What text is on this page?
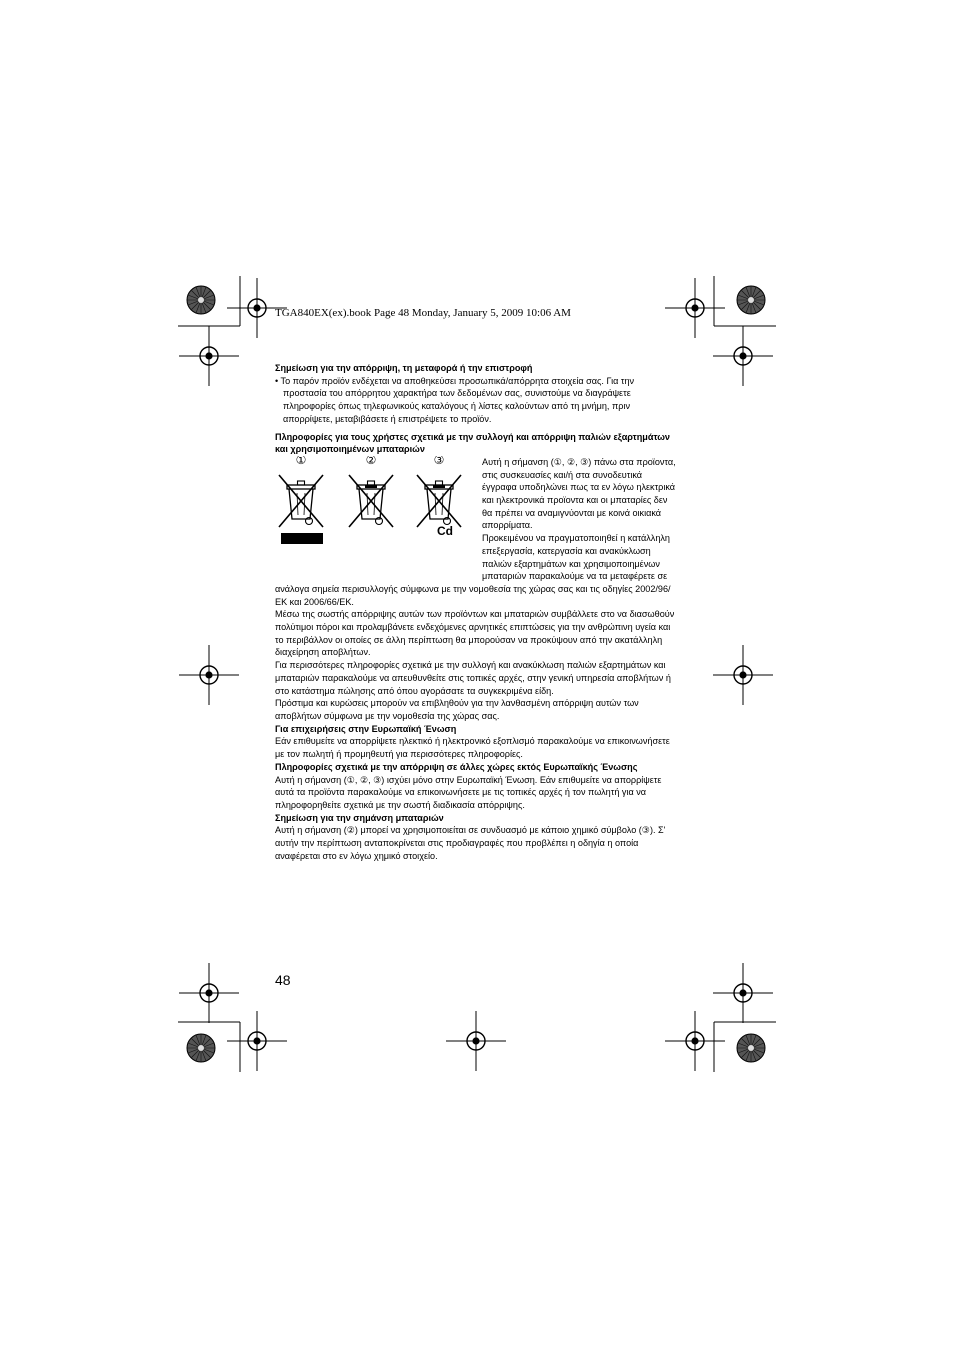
TGA840EX(ex).book Page 48 Monday, January 5, 2009 10:06 AM

Σημείωση για την απόρριψη, τη μεταφορά ή την επιστροφή

• Το παρόν προϊόν ενδέχεται να αποθηκεύσει προσωπικά/απόρρητα στοιχεία σας. Για την προστασία του απόρρητου χαρακτήρα των δεδομένων σας, συνιστούμε να διαγράψετε πληροφορίες όπως τηλεφωνικούς καταλόγους ή λίστες καλούντων από τη μνήμη, πριν απορρίψετε, μεταβιβάσετε ή επιστρέψετε το προϊόν.

Πληροφορίες για τους χρήστες σχετικά με την συλλογή και απόρριψη παλιών εξαρτημάτων και χρησιμοποιημένων μπαταριών

①	②	③
Cd

Αυτή η σήμανση (①, ②, ③) πάνω στα προϊοντα, στις συσκευασίες και/ή στα συνοδευτικά έγγραφα υποδηλώνει πως τα εν λόγω ηλεκτρικά και ηλεκτρονικά προϊοντα και οι μπαταρίες δεν θα πρέπει να αναμιγνύονται με κοινά οικιακά απορρίματα.

Προκειμένου να πραγματοποιηθεί η κατάλληλη επεξεργασία, κατεργασία και ανακύκλωση παλιών εξαρτημάτων και χρησιμοποιημένων μπαταριών παρακαλούμε να τα μεταφέρετε σε ανάλογα σημεία περισυλλογής σύμφωνα με την νομοθεσία της χώρας σας και τις οδηγίες 2002/96/ΕΚ και 2006/66/ΕΚ.

Μέσω της σωστής απόρριψης αυτών των προϊόντων και μπαταριών συμβάλλετε στο να διασωθούν πολύτιμοι πόροι και προλαμβάνετε ενδεχόμενες αρνητικές επιπτώσεις για την ανθρώπινη υγεία και το περιβάλλον οι οποίες σε άλλη περίπτωση θα μπορούσαν να προκύψουν από την ακατάλληλη διαχείρηση αποβλήτων.

Για περισσότερες πληροφορίες σχετικά με την συλλογή και ανακύκλωση παλιών εξαρτημάτων και μπαταριών παρακαλούμε να απευθυνθείτε στις τοπικές αρχές, στην γενική υπηρεσία αποβλήτων ή στο κατάστημα πώλησης από όπου αγοράσατε τα συγκεκριμένα είδη.

Πρόστιμα και κυρώσεις μπορούν να επιβληθούν για την λανθασμένη απόρριψη αυτών των αποβλήτων σύμφωνα με την νομοθεσία της χώρας σας.

Για επιχειρήσεις στην Ευρωπαϊκή Ένωση

Εάν επιθυμείτε να απορρίψετε ηλεκτικό ή ηλεκτρονικό εξοπλισμό παρακαλούμε να επικοινωνήσετε με τον πωλητή ή προμηθευτή για περισσότερες πληροφορίες.

Πληροφορίες σχετικά με την απόρριψη σε άλλες χώρες εκτός Ευρωπαϊκής Ένωσης

Αυτή η σήμανση (①, ②, ③) ισχύει μόνο στην Ευρωπαϊκή Ένωση. Εάν επιθυμείτε να απορρίψετε αυτά τα προϊόντα παρακαλούμε να επικοινωνήσετε με τις τοπικές αρχές ή τον πωλητή για να πληροφορηθείτε σχετικά με την σωστή διαδικασία απόρριψης.

Σημείωση για την σημάνση μπαταριών

Αυτή η σήμανση (②) μπορεί να χρησιμοποιείται σε συνδυασμό με κάποιο χημικό σύμβολο (③). Σ' αυτήν την περίπτωση ανταποκρίνεται στις προδιαγραφές που προβλέπει η οδηγία η οποία αναφέρεται στο εν λόγω χημικό στοιχείο.

48
